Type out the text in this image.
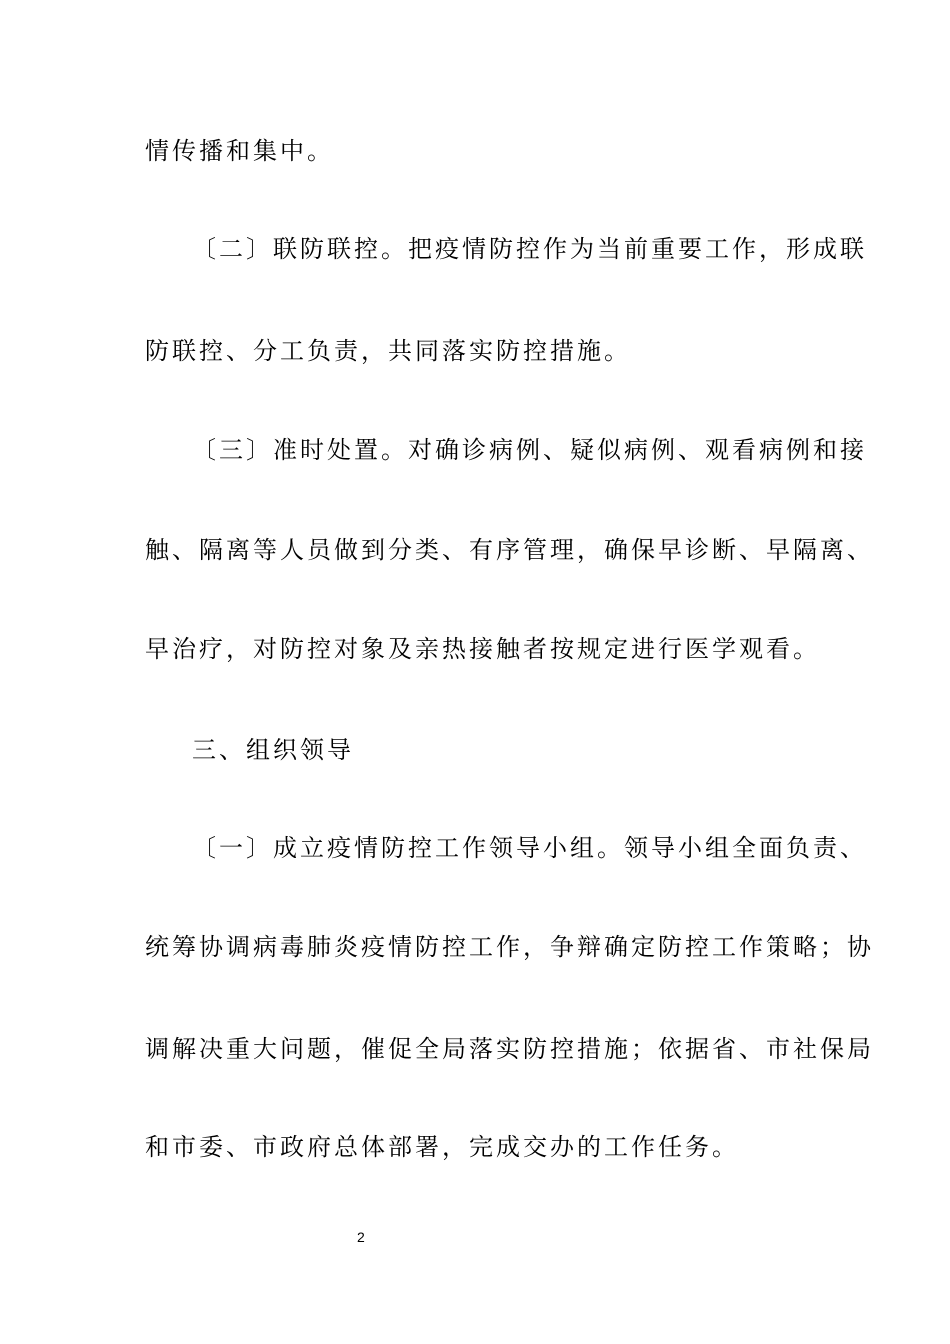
情传播和集中。
〔二〕联防联控。把疫情防控作为当前重要工作，形成联
防联控、分工负责，共同落实防控措施。
〔三〕准时处置。对确诊病例、疑似病例、观看病例和接
触、隔离等人员做到分类、有序管理，确保早诊断、早隔离、
早治疗，对防控对象及亲热接触者按规定进行医学观看。
三、组织领导
〔一〕成立疫情防控工作领导小组。领导小组全面负责、
统筹协调病毒肺炎疫情防控工作，争辩确定防控工作策略；协
调解决重大问题，催促全局落实防控措施；依据省、市社保局
和市委、市政府总体部署，完成交办的工作任务。
2
